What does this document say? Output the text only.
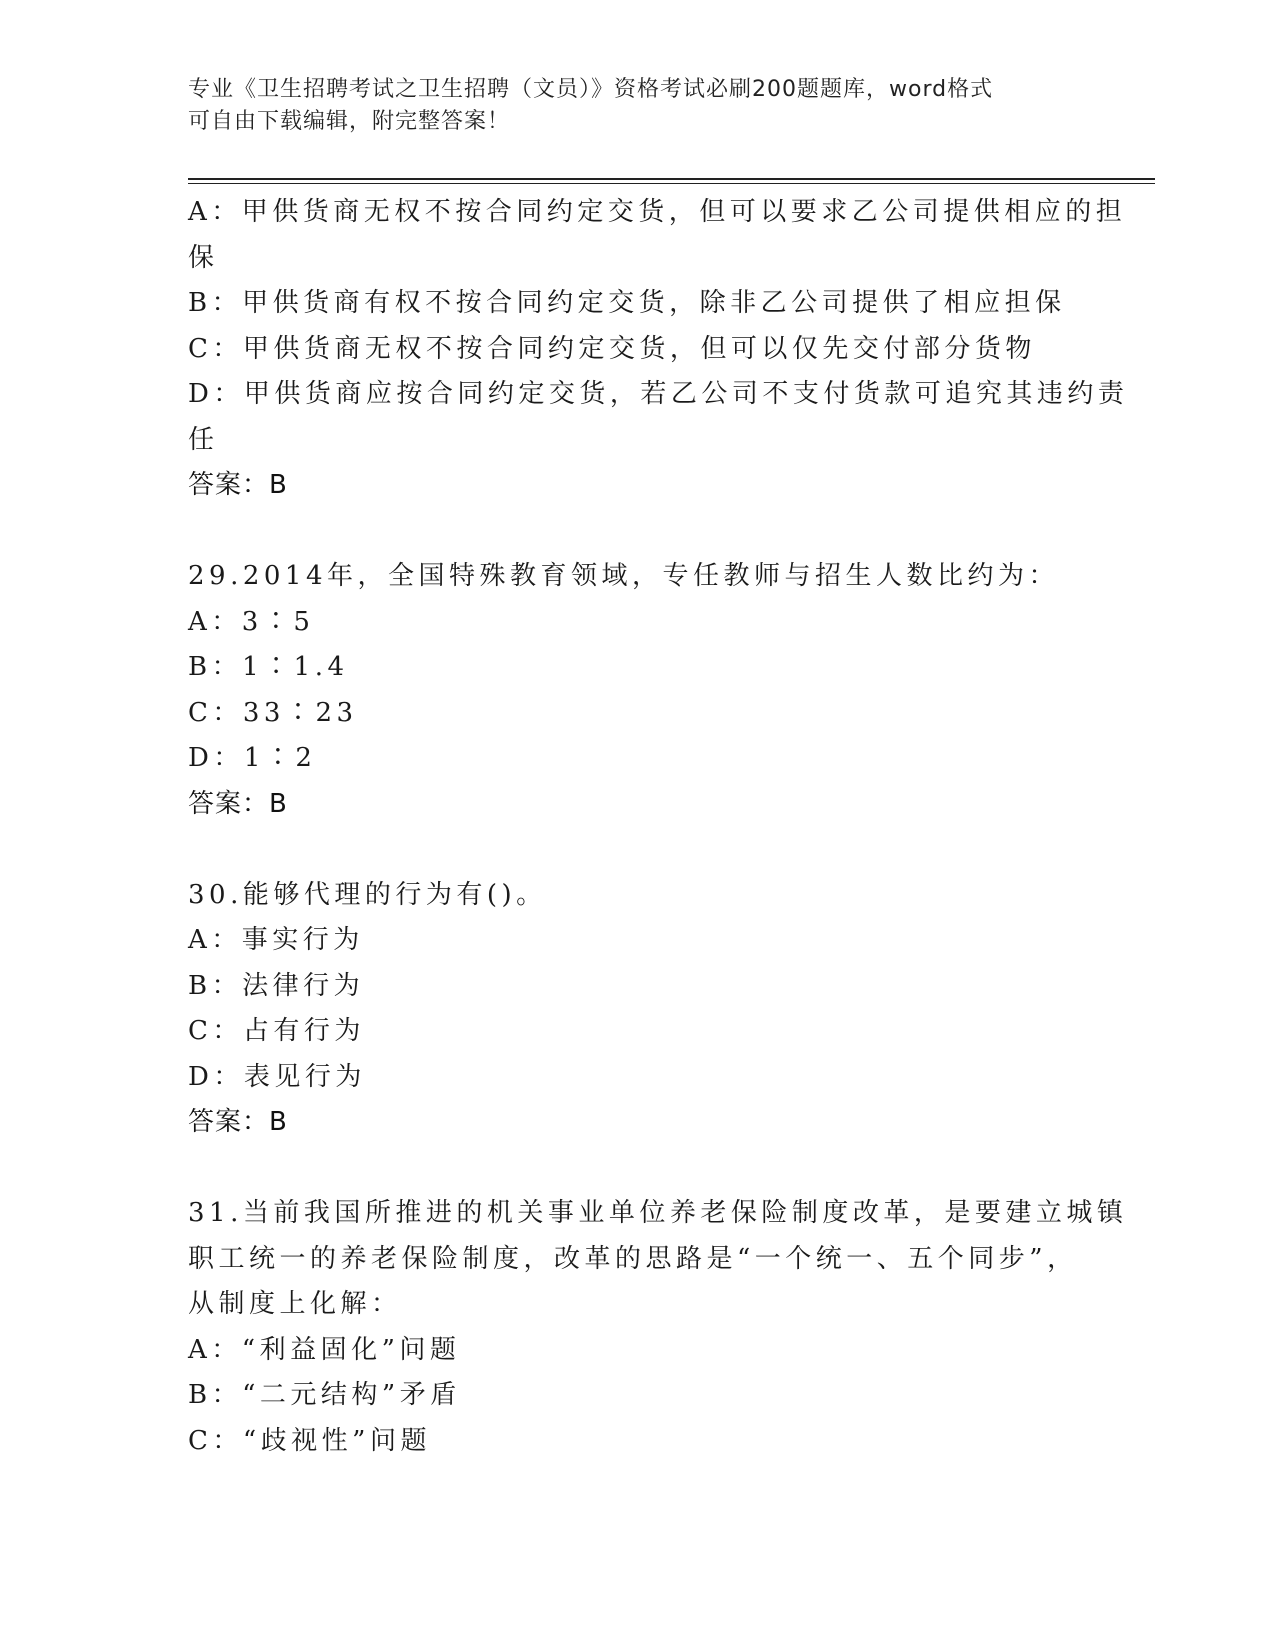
专业《卫生招聘考试之卫生招聘（文员）》资格考试必刷200题题库，word格式
可自由下载编辑，附完整答案！
A：甲供货商无权不按合同约定交货，但可以要求乙公司提供相应的担
保
B：甲供货商有权不按合同约定交货，除非乙公司提供了相应担保
C：甲供货商无权不按合同约定交货，但可以仅先交付部分货物
D：甲供货商应按合同约定交货，若乙公司不支付货款可追究其违约责
任
答案：B
29.2014年，全国特殊教育领域，专任教师与招生人数比约为：
A：3∶5
B：1∶1.4
C：33∶23
D：1∶2
答案：B
30.能够代理的行为有()。
A：事实行为
B：法律行为
C：占有行为
D：表见行为
答案：B
31.当前我国所推进的机关事业单位养老保险制度改革，是要建立城镇
职工统一的养老保险制度，改革的思路是“一个统一、五个同步”，
从制度上化解：
A：“利益固化”问题
B：“二元结构”矛盾
C：“歧视性”问题
